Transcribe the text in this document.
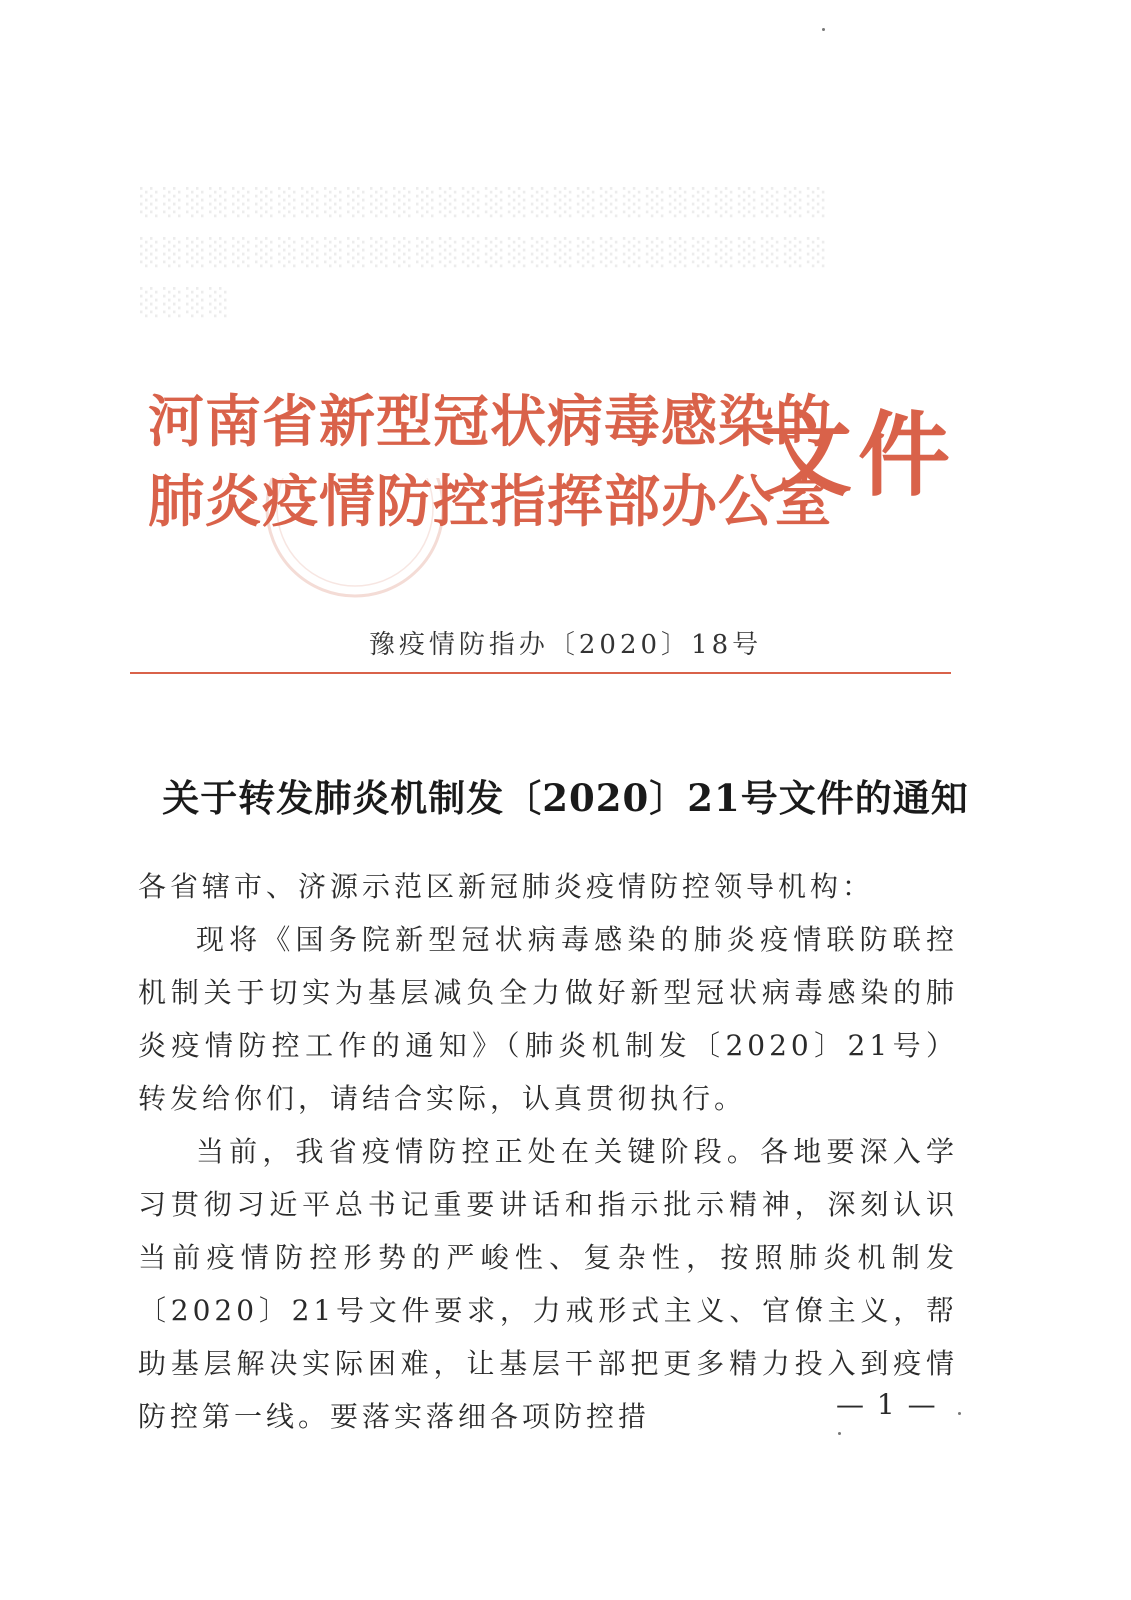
░░░░░░░░░░░░░░░░░░░░░░░░░░░░░░
░░░░░░░░░░░░░░░░░░░░░░░░░░░░░░
░░░░
河南省新型冠状病毒感染的
肺炎疫情防控指挥部办公室
文件
豫疫情防指办〔2020〕18号
关于转发肺炎机制发〔2020〕21号文件的通知

各省辖市、济源示范区新冠肺炎疫情防控领导机构：

现将《国务院新型冠状病毒感染的肺炎疫情联防联控机制关于切实为基层减负全力做好新型冠状病毒感染的肺炎疫情防控工作的通知》（肺炎机制发〔2020〕21号）转发给你们，请结合实际，认真贯彻执行。

当前，我省疫情防控正处在关键阶段。各地要深入学习贯彻习近平总书记重要讲话和指示批示精神，深刻认识当前疫情防控形势的严峻性、复杂性，按照肺炎机制发〔2020〕21号文件要求，力戒形式主义、官僚主义，帮助基层解决实际困难，让基层干部把更多精力投入到疫情防控第一线。要落实落细各项防控措	— 1 —
